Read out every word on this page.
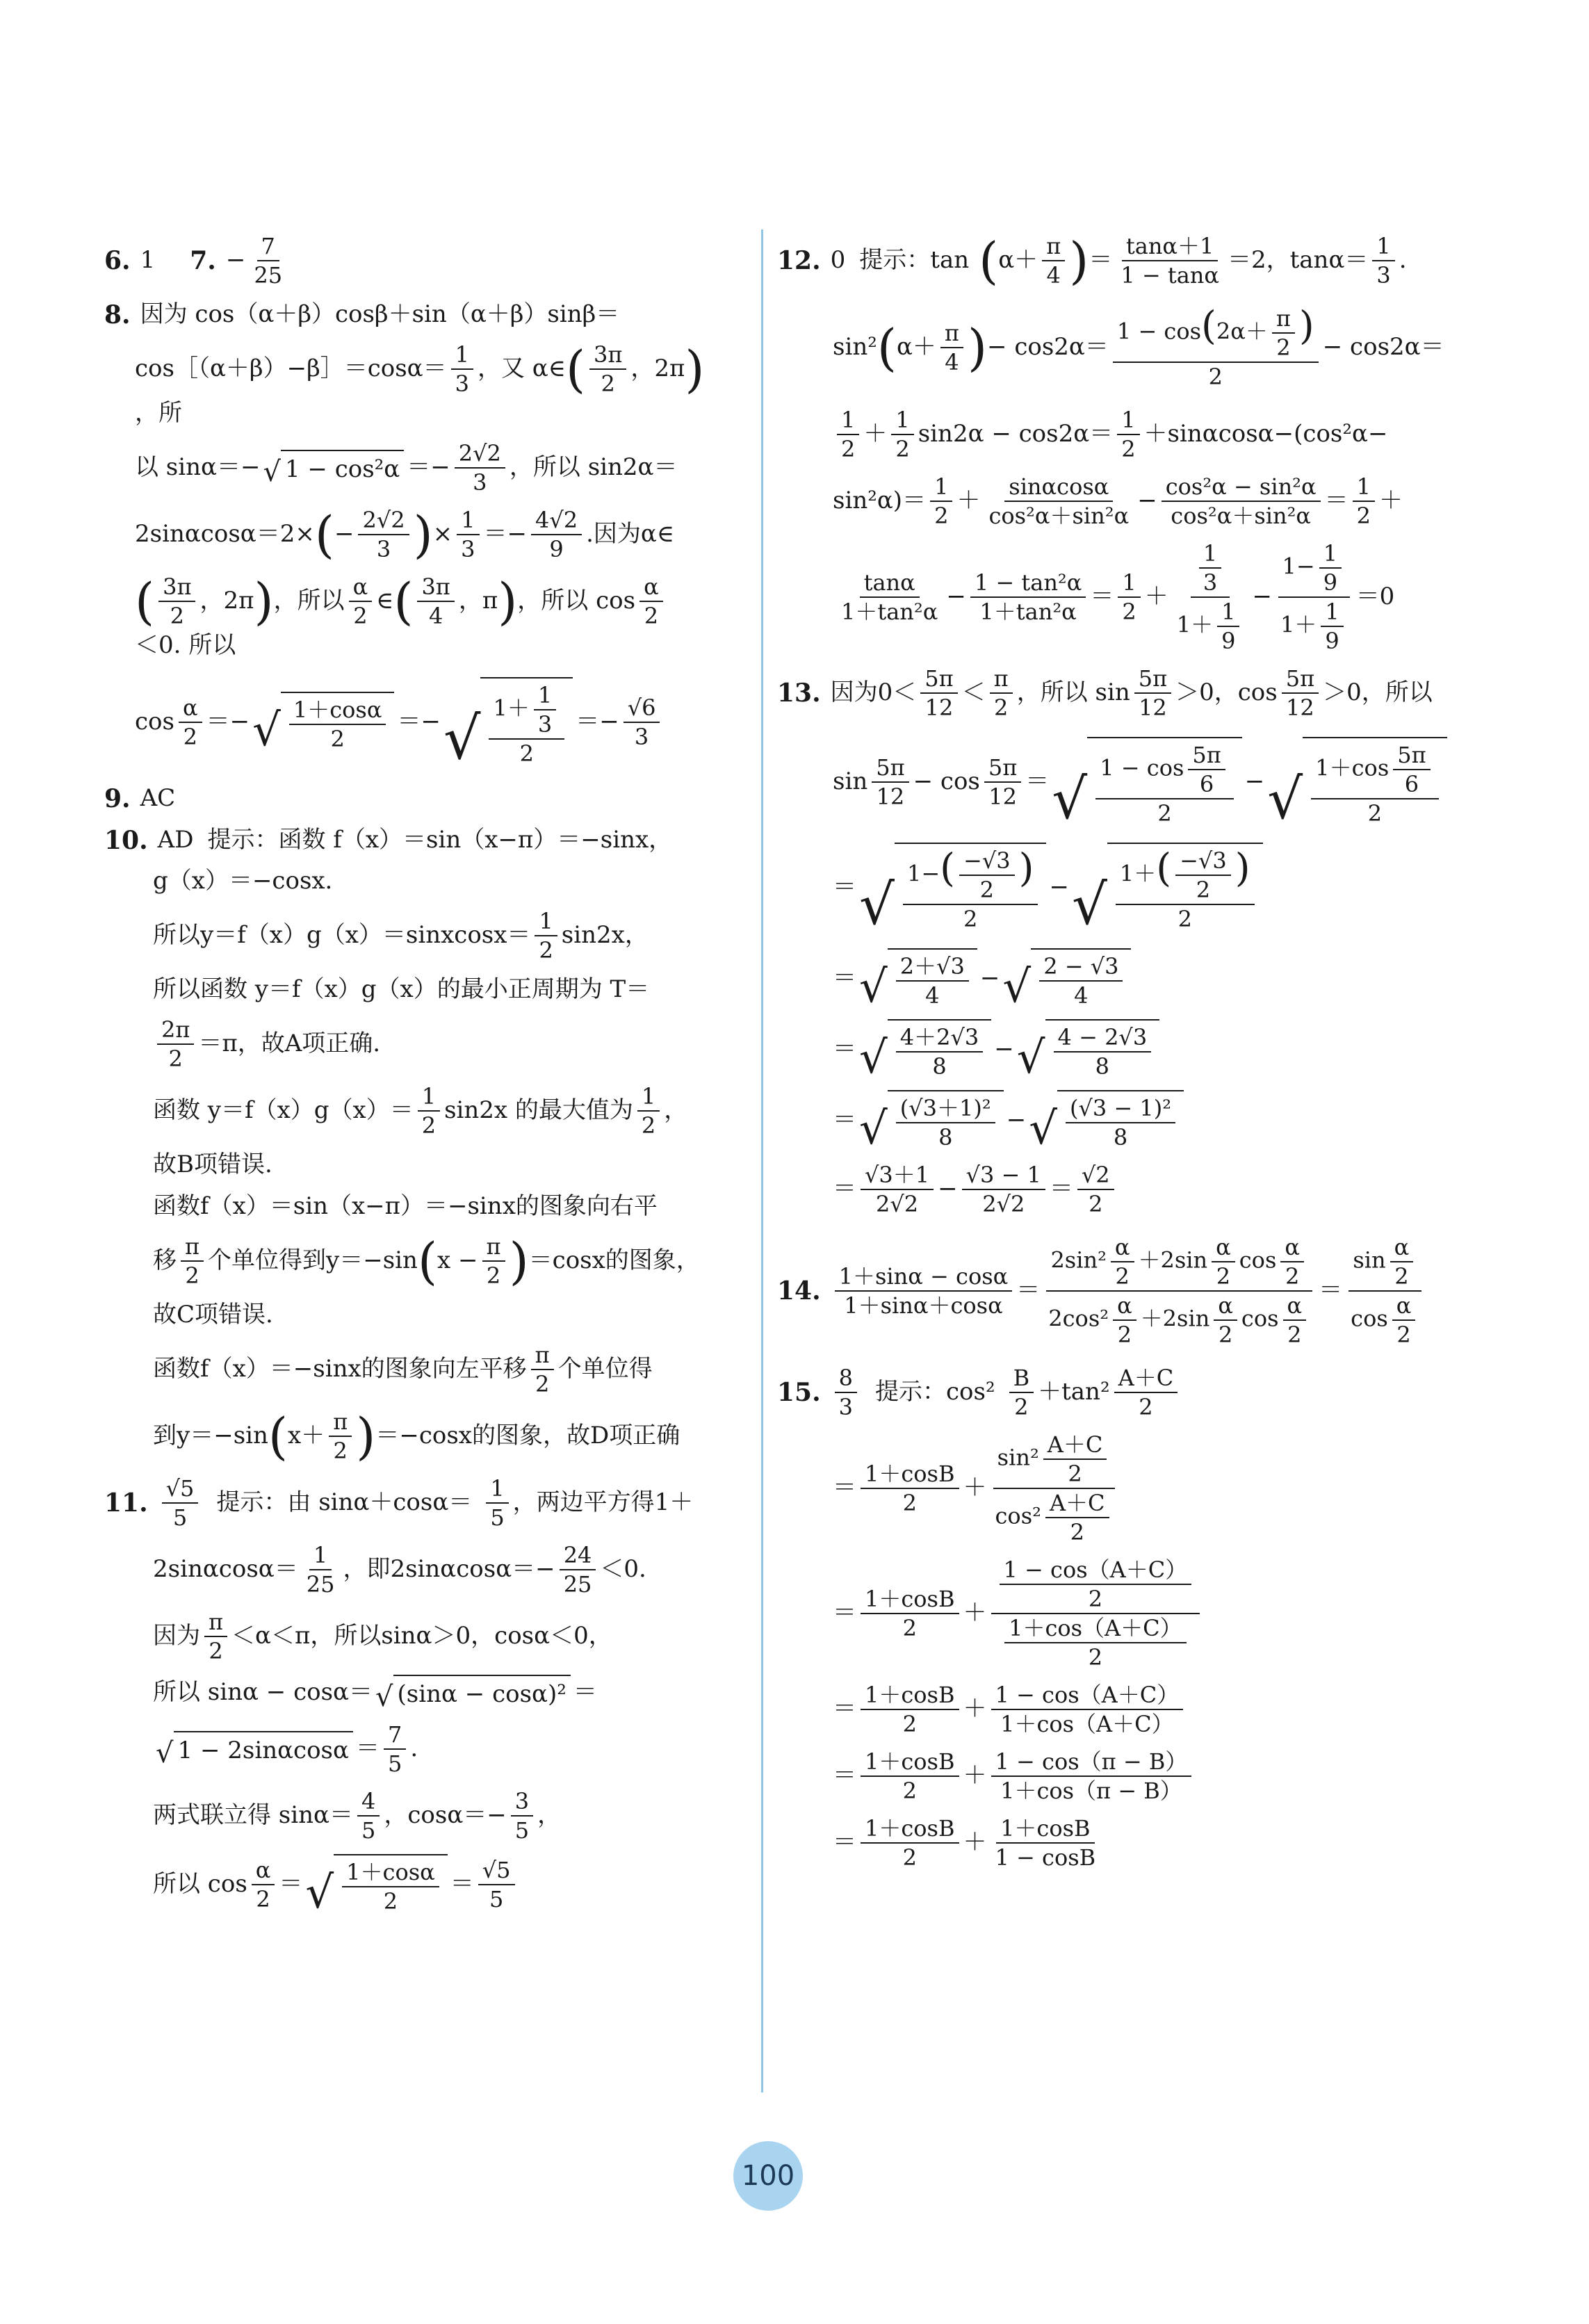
6. 1 7. − $\frac{7}{25}$
8. 因为 cos（α＋β）cosβ＋sin（α＋β）sinβ＝
cos［（α＋β）−β］＝cosα＝ $\frac{1}{3}$ ，又 α∈ ( $\frac{3\pi}{2}$ ， 2π )
，所
以 sinα＝− √ $1 - \cos^2\alpha =- \frac{2√2}{3}$ ，所以 sin2α＝
2sinαcosα＝2× ( − $\frac{2√2}{3}$ ) × $\frac{1}{3} =- \frac{4√2}{9}$ .因为α∈
( $\frac{3\pi}{2}$ ， 2π ) ，所以 $\frac{\alpha}{2}$ ∈ ( $\frac{3\pi}{4}$ ， π ) ，所以 $\cos \frac{\alpha}{2}$
＜0. 所以
$\cos \frac{\alpha}{2}$ ＝− √ $\frac{1+\cos\alpha}{2}$ ＝− √ $\frac{1+ \frac{1}{3}}{2} =- \frac{√6}{3}$
9. AC
10. AD 提示：函数 f（x）＝sin（x−π）＝−sinx，
g（x）＝−cosx.
所以y＝f（x）g（x）＝sinxcosx＝ $\frac{1}{2} \sin 2x$，
所以函数 y＝f（x）g（x）的最小正周期为 T＝
$\frac{2\pi}{2} =\pi$，故A项正确.
函数 $y=f(x)g(x)= \frac{1}{2} \sin 2x$ 的最大值为 $\frac{1}{2}$ ，
故B项错误.
函数f（x）＝sin（x−π）＝−sinx的图象向右平
移 $\frac{\pi}{2}$ 个单位得到y＝−sin ( $x - \frac{\pi}{2}$ ) ＝cosx的图象，
故C项错误.
函数f（x）＝−sinx的图象向左平移 $\frac{\pi}{2}$ 个单位得
到y＝−sin ( $x+ \frac{\pi}{2}$ ) ＝−cosx的图象，故D项正确
11. $\frac{√5}{5}$ 提示：由 $\sin\alpha+\cos\alpha= \frac{1}{5}$ ，两边平方得1＋
$2\sin\alpha\cos\alpha= \frac{1}{25}$ ，即$2\sin\alpha\cos\alpha=- \frac{24}{25} <0$.
因为 $\frac{\pi}{2} <\alpha<\pi$，所以sinα＞0，cosα＜0，
所以 sinα − cosα＝ √ (sinα − cosα)² ＝
√ $1 - 2\sin\alpha\cos\alpha = \frac{7}{5}$ .
两式联立得 $\sin\alpha= \frac{4}{5}$ ，$\cos\alpha=- \frac{3}{5}$ ，
所以 $\cos \frac{\alpha}{2}$ ＝ √ $\frac{1+\cos\alpha}{2} = \frac{√5}{5}$
12. 0 提示：tan ( $\alpha+ \frac{\pi}{4}$ ) ＝ $\frac{\tan\alpha+1}{1 - \tan\alpha} =2$，$\tan\alpha= \frac{1}{3}$ .
sin² ( $\alpha+ \frac{\pi}{4}$ ) − $\cos 2\alpha= \frac{1 - \cos(2\alpha+ \frac{\pi}{2} )}{2} - \cos 2\alpha=$
$\frac{1}{2} + \frac{1}{2} \sin 2\alpha - \cos 2\alpha= \frac{1}{2} +\sin\alpha\cos\alpha-(\cos^2\alpha-$
$\sin^2\alpha)= \frac{1}{2} + \frac{\sin\alpha\cos\alpha}{\text{cos²α＋sin²α}} - \frac{\text{cos²α − sin²α}}{\text{cos²α＋sin²α}} = \frac{1}{2}$ ＋
$\frac{\tan\alpha}{\text{1＋tan²α}} - \frac{\text{1 − tan²α}}{\text{1＋tan²α}} = \frac{1}{2} + \frac{\frac{1}{3}}{1+ \frac{1}{9}} - \frac{1- \frac{1}{9}}{1+ \frac{1}{9}} =0$
13. 因为$0< \frac{5\pi}{12} < \frac{\pi}{2}$ ，所以 $\sin \frac{5\pi}{12} >0$，$\cos \frac{5\pi}{12} >0$，所以
$\sin \frac{5\pi}{12} - \cos \frac{5\pi}{12}$ ＝ √ $\frac{1 - \cos \frac{5\pi}{6}}{2}$ − √ $\frac{1+\cos \frac{5\pi}{6}}{2}$
＝ √ $\frac{1-( \frac{-√3}{2} )}{2}$ − √ $\frac{1+( \frac{-√3}{2} )}{2}$
＝ √ $\frac{2+√3}{4}$ − √ $\frac{2 - √3}{4}$
＝ √ $\frac{4+2√3}{8}$ − √ $\frac{4 - 2√3}{8}$
＝ √ $\frac{\text{(√3＋1)²}}{8}$ − √ $\frac{\text{(√3 − 1)²}}{8}$
＝ $\frac{√3+1}{2√2} - \frac{√3 - 1}{2√2} = \frac{√2}{2}$
14. $\frac{1+\sin\alpha - \cos\alpha}{1+\sin\alpha+\cos\alpha} = \frac{2\sin^2 \frac{\alpha}{2} +2\sin \frac{\alpha}{2} \cos \frac{\alpha}{2}}{2\cos^2 \frac{\alpha}{2} +2\sin \frac{\alpha}{2} \cos \frac{\alpha}{2}} = \frac{\sin \frac{\alpha}{2}}{\cos \frac{\alpha}{2}}$
15. $\frac{8}{3}$ 提示：$\cos^2 \frac{B}{2} +\tan^2 \frac{A+C}{2}$
＝ $\frac{1+\cos B}{2} + \frac{\sin^2 \frac{A+C}{2}}{\cos^2 \frac{A+C}{2}}$
＝ $\frac{1+\cos B}{2} + \frac{\frac{1 - \cos(A+C)}{2}}{\frac{1+\cos(A+C)}{2}}$
＝ $\frac{1+\cos B}{2} + \frac{1 - \cos(A+C)}{1+\cos(A+C)}$
＝ $\frac{1+\cos B}{2} + \frac{1 - \cos(\pi - B)}{1+\cos(\pi - B)}$
＝ $\frac{1+\cos B}{2} + \frac{1+\cos B}{1 - \cos B}$
100
